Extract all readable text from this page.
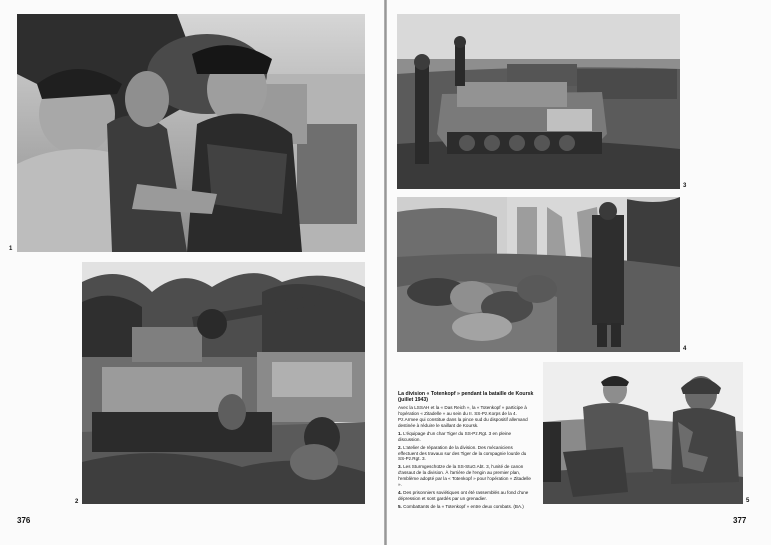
1
2
376
3
4
5

La division « Totenkopf » pendant la bataille de Koursk (juillet 1943)

Avec la LSSAH et la « Das Reich », la « Totenkopf » participe à l'opération « Zitadelle » au sein du II. SS-Pz.Korps de la 4. Pz.Armee qui constitue dans la pince sud du dispositif allemand destinée à réduire le saillant de Koursk.

1. L'équipage d'un char Tiger du SS-Pz.Rgt. 3 en pleine discussion.

2. L'atelier de réparation de la division. Des mécaniciens effectuent des travaux sur des Tiger de la compagnie lourde du SS-Pz.Rgt. 3.

3. Les Sturmgeschütze de la SS-StuG Abt. 3, l'unité de canon d'assaut de la division. À l'arrière de l'engin au premier plan, l'emblème adopté par la « Totenkopf » pour l'opération « Zitadelle ».

4. Des prisonniers soviétiques ont été rassemblés au fond d'une dépression et sont gardés par un grenadier.

5. Combattants de la « Totenkopf » entre deux combats. (BA.)

377
